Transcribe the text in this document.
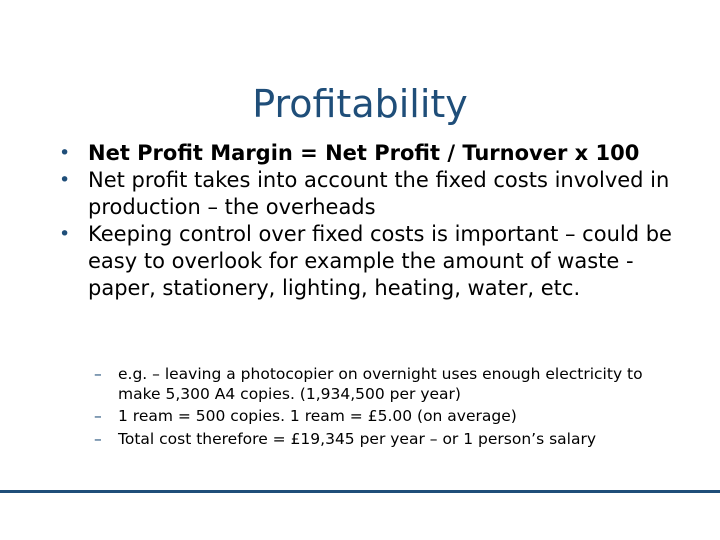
Profitability
• Net Profit Margin = Net Profit / Turnover x 100
• Net profit takes into account the fixed costs involved in production – the overheads
• Keeping control over fixed costs is important – could be easy to overlook for example the amount of waste - paper, stationery, lighting, heating, water, etc.
– e.g. – leaving a photocopier on overnight uses enough electricity to make 5,300 A4 copies. (1,934,500 per year)
– 1 ream = 500 copies. 1 ream = £5.00 (on average)
– Total cost therefore = £19,345 per year – or 1 person’s salary
